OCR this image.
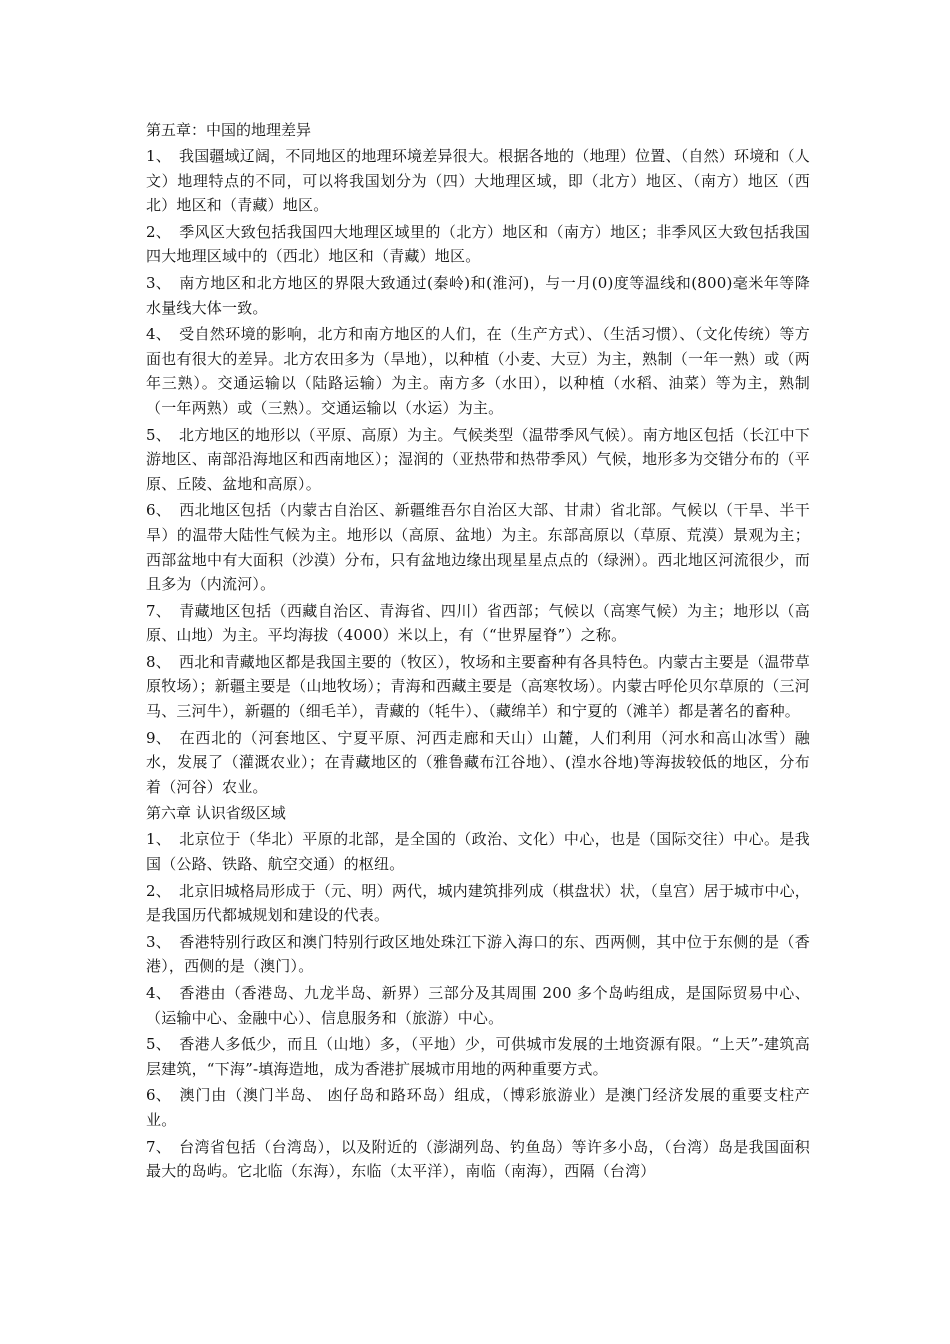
第五章：中国的地理差异

1、 我国疆域辽阔，不同地区的地理环境差异很大。根据各地的（地理）位置、（自然）环境和（人文）地理特点的不同，可以将我国划分为（四）大地理区域，即（北方）地区、（南方）地区（西北）地区和（青藏）地区。

2、 季风区大致包括我国四大地理区域里的（北方）地区和（南方）地区；非季风区大致包括我国四大地理区域中的（西北）地区和（青藏）地区。

3、 南方地区和北方地区的界限大致通过(秦岭)和(淮河)，与一月(0)度等温线和(800)毫米年等降水量线大体一致。

4、 受自然环境的影响，北方和南方地区的人们，在（生产方式）、（生活习惯）、（文化传统）等方面也有很大的差异。北方农田多为（旱地），以种植（小麦、大豆）为主，熟制（一年一熟）或（两年三熟）。交通运输以（陆路运输）为主。南方多（水田），以种植（水稻、油菜）等为主，熟制（一年两熟）或（三熟）。交通运输以（水运）为主。

5、 北方地区的地形以（平原、高原）为主。气候类型（温带季风气候）。南方地区包括（长江中下游地区、南部沿海地区和西南地区）；湿润的（亚热带和热带季风）气候，地形多为交错分布的（平原、丘陵、盆地和高原）。

6、 西北地区包括（内蒙古自治区、新疆维吾尔自治区大部、甘肃）省北部。气候以（干旱、半干旱）的温带大陆性气候为主。地形以（高原、盆地）为主。东部高原以（草原、荒漠）景观为主；西部盆地中有大面积（沙漠）分布，只有盆地边缘出现星星点点的（绿洲）。西北地区河流很少，而且多为（内流河）。

7、 青藏地区包括（西藏自治区、青海省、四川）省西部；气候以（高寒气候）为主；地形以（高原、山地）为主。平均海拔（4000）米以上，有（“世界屋脊”）之称。

8、 西北和青藏地区都是我国主要的（牧区），牧场和主要畜种有各具特色。内蒙古主要是（温带草原牧场）；新疆主要是（山地牧场）；青海和西藏主要是（高寒牧场）。内蒙古呼伦贝尔草原的（三河马、三河牛），新疆的（细毛羊），青藏的（牦牛）、（藏绵羊）和宁夏的（滩羊）都是著名的畜种。

9、 在西北的（河套地区、宁夏平原、河西走廊和天山）山麓，人们利用（河水和高山冰雪）融水，发展了（灌溉农业）；在青藏地区的（雅鲁藏布江谷地）、(湟水谷地)等海拔较低的地区，分布着（河谷）农业。

第六章 认识省级区域

1、 北京位于（华北）平原的北部，是全国的（政治、文化）中心，也是（国际交往）中心。是我国（公路、铁路、航空交通）的枢纽。

2、 北京旧城格局形成于（元、明）两代，城内建筑排列成（棋盘状）状，（皇宫）居于城市中心，是我国历代都城规划和建设的代表。

3、 香港特别行政区和澳门特别行政区地处珠江下游入海口的东、西两侧，其中位于东侧的是（香港），西侧的是（澳门）。

4、 香港由（香港岛、九龙半岛、新界）三部分及其周围 200 多个岛屿组成，是国际贸易中心、（运输中心、金融中心）、信息服务和（旅游）中心。

5、 香港人多低少，而且（山地）多，（平地）少，可供城市发展的土地资源有限。“上天”-建筑高层建筑，“下海”-填海造地，成为香港扩展城市用地的两种重要方式。

6、 澳门由（澳门半岛、 凼仔岛和路环岛）组成，（博彩旅游业）是澳门经济发展的重要支柱产业。

7、 台湾省包括（台湾岛），以及附近的（澎湖列岛、钓鱼岛）等许多小岛，（台湾）岛是我国面积最大的岛屿。它北临（东海），东临（太平洋），南临（南海），西隔（台湾）
